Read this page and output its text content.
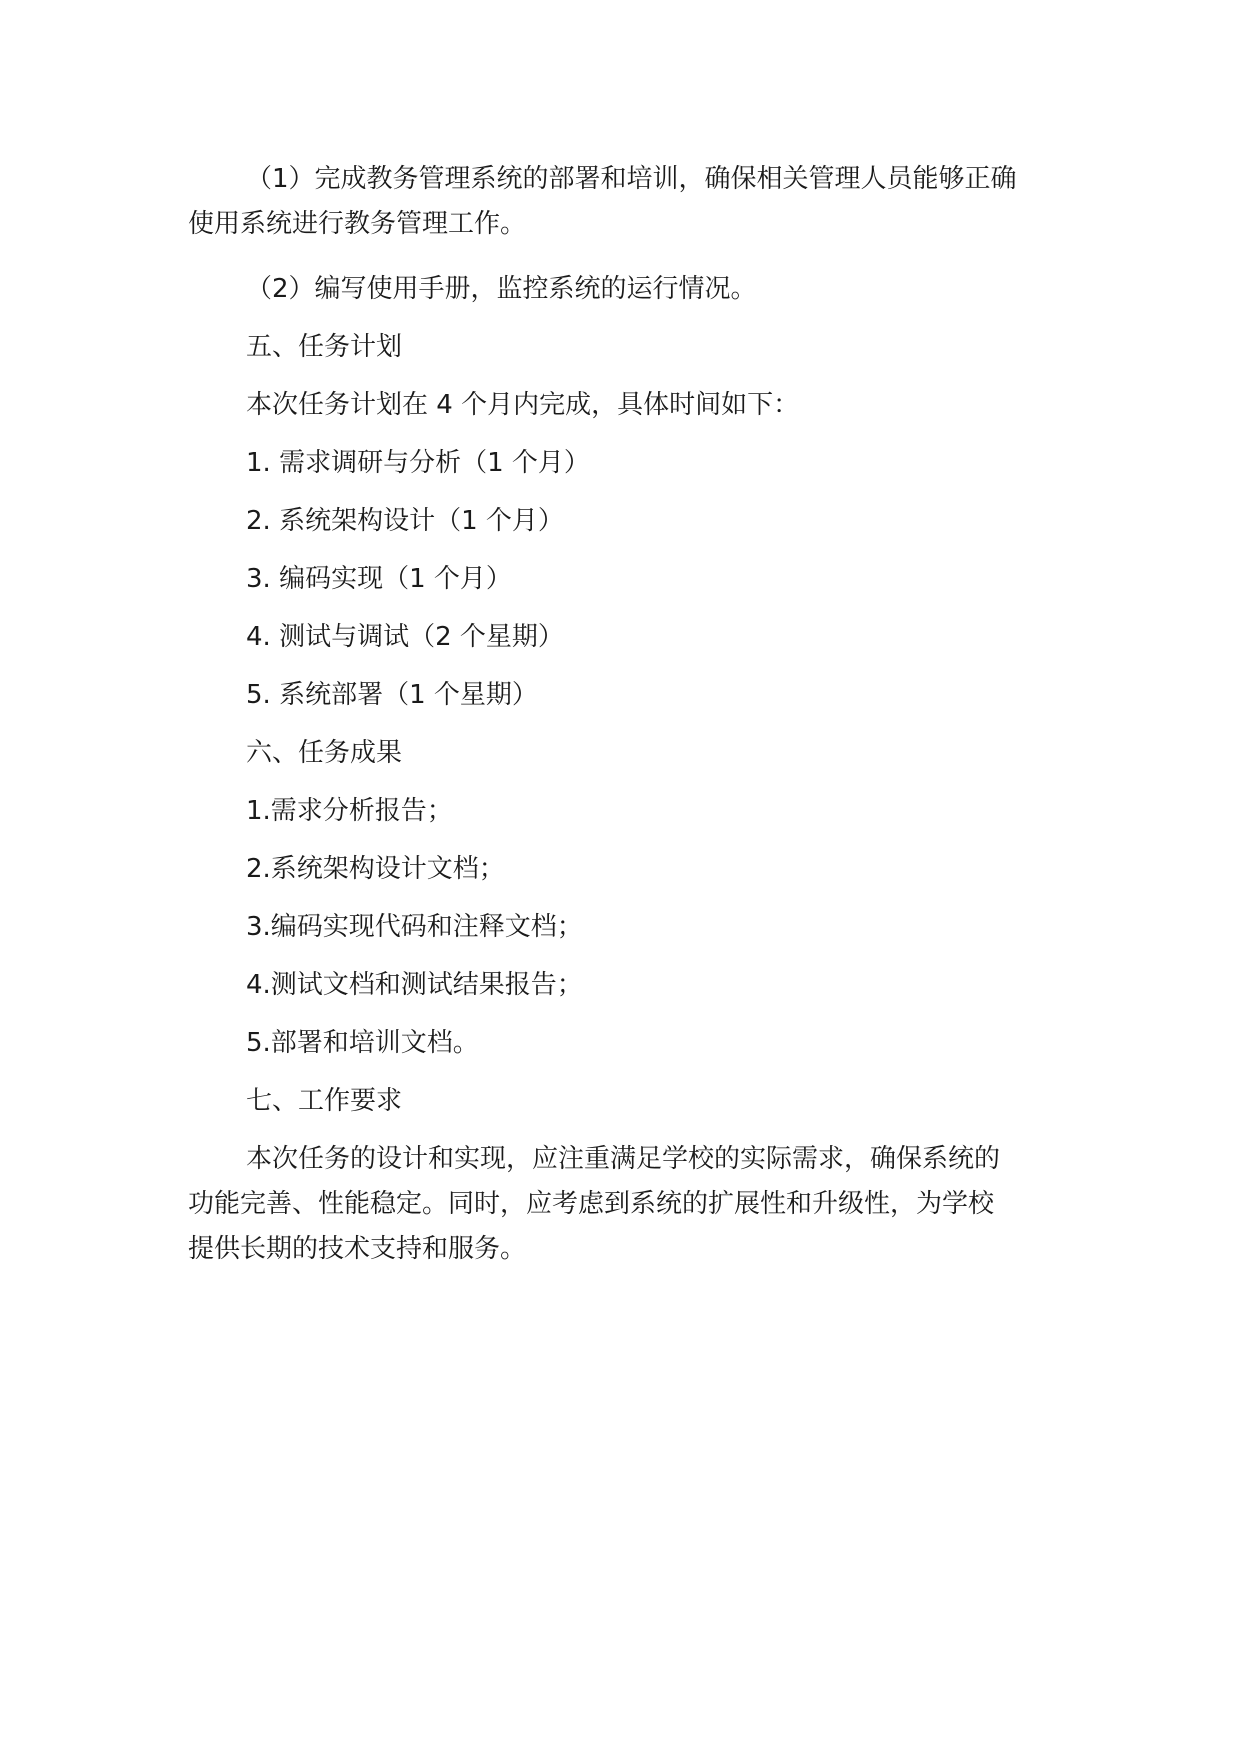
（1）完成教务管理系统的部署和培训，确保相关管理人员能够正确
使用系统进行教务管理工作。

（2）编写使用手册，监控系统的运行情况。

五、任务计划

本次任务计划在 4 个月内完成，具体时间如下：

1. 需求调研与分析（1 个月）

2. 系统架构设计（1 个月）

3. 编码实现（1 个月）

4. 测试与调试（2 个星期）

5. 系统部署（1 个星期）

六、任务成果

1.需求分析报告；

2.系统架构设计文档；

3.编码实现代码和注释文档；

4.测试文档和测试结果报告；

5.部署和培训文档。

七、工作要求

本次任务的设计和实现，应注重满足学校的实际需求，确保系统的
功能完善、性能稳定。同时，应考虑到系统的扩展性和升级性，为学校
提供长期的技术支持和服务。
